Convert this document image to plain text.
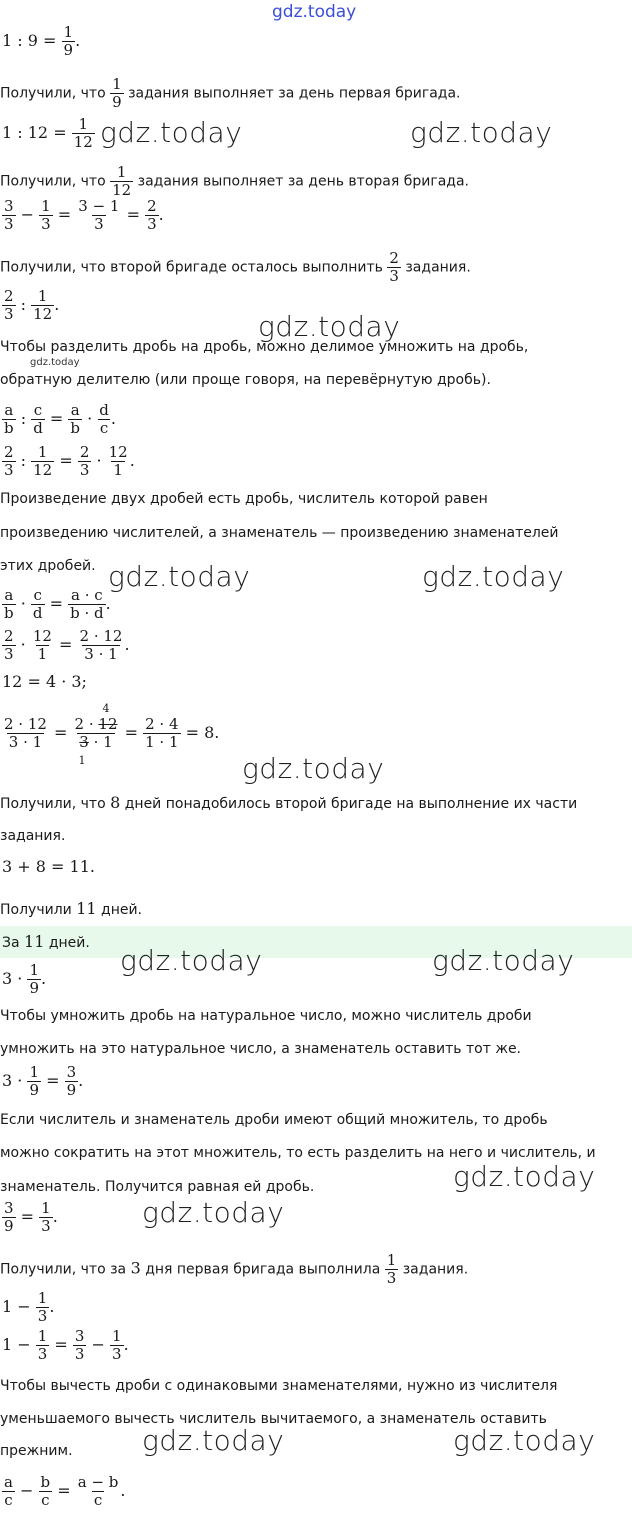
gdz.today
gdz.today	gdz.today
gdz.today
gdz.today
gdz.today	gdz.today
gdz.today
gdz.today	gdz.today
gdz.today
gdz.today
gdz.today	gdz.today
1 : $9 = \frac{1}{9}$ .
Получили, что $\frac{1}{9}$ задания выполняет за день первая бригада.
1 : $12 = \frac{1}{12}$
Получили, что $\frac{1}{12}$ задания выполняет за день вторая бригада.
$\frac{3}{3} - \frac{1}{3} = \frac{3 - 1}{3} = \frac{2}{3}$ .
Получили, что второй бригаде осталось выполнить $\frac{2}{3}$ задания.
$\frac{2}{3}$ : $\frac{1}{12}$ .
Чтобы разделить дробь на дробь, можно делимое умножить на дробь,
обратную делителю (или проще говоря, на перевёрнутую дробь).
$\frac{a}{b}$ : $\frac{c}{d} = \frac{a}{b} \cdot \frac{d}{c}$ .
$\frac{2}{3}$ : $\frac{1}{12} = \frac{2}{3} \cdot \frac{12}{1}$ .
Произведение двух дробей есть дробь, числитель которой равен
произведению числителей, а знаменатель — произведению знаменателей
этих дробей.
$\frac{a}{b} \cdot \frac{c}{d} = \frac{a \cdot c}{b \cdot d}$ .
$\frac{2}{3} \cdot \frac{12}{1} = \frac{2 \cdot 12}{3 \cdot 1}$ .
12 = 4 · 3;
$\frac{2 \cdot 12}{3 \cdot 1}$ =
4
$\frac{2 \cdot 12}{3 \cdot 1}$
1
= $\frac{2 \cdot 4}{1 \cdot 1} = 8$.
Получили, что 8 дней понадобилось второй бригаде на выполнение их части
задания.
3 + 8 = 11.
Получили 11 дней.
За 11 дней.
$3 \cdot \frac{1}{9}$ .
Чтобы умножить дробь на натуральное число, можно числитель дроби
умножить на это натуральное число, а знаменатель оставить тот же.
$3 \cdot \frac{1}{9} = \frac{3}{9}$ .
Если числитель и знаменатель дроби имеют общий множитель, то дробь
можно сократить на этот множитель, то есть разделить на него и числитель, и
знаменатель. Получится равная ей дробь.
$\frac{3}{9} = \frac{1}{3}$ .
Получили, что за 3 дня первая бригада выполнила $\frac{1}{3}$ задания.
$1 - \frac{1}{3}$ .
$1 - \frac{1}{3} = \frac{3}{3} - \frac{1}{3}$ .
Чтобы вычесть дроби с одинаковыми знаменателями, нужно из числителя
уменьшаемого вычесть числитель вычитаемого, а знаменатель оставить
прежним.
$\frac{a}{c} - \frac{b}{c} = \frac{a - b}{c}$ .
